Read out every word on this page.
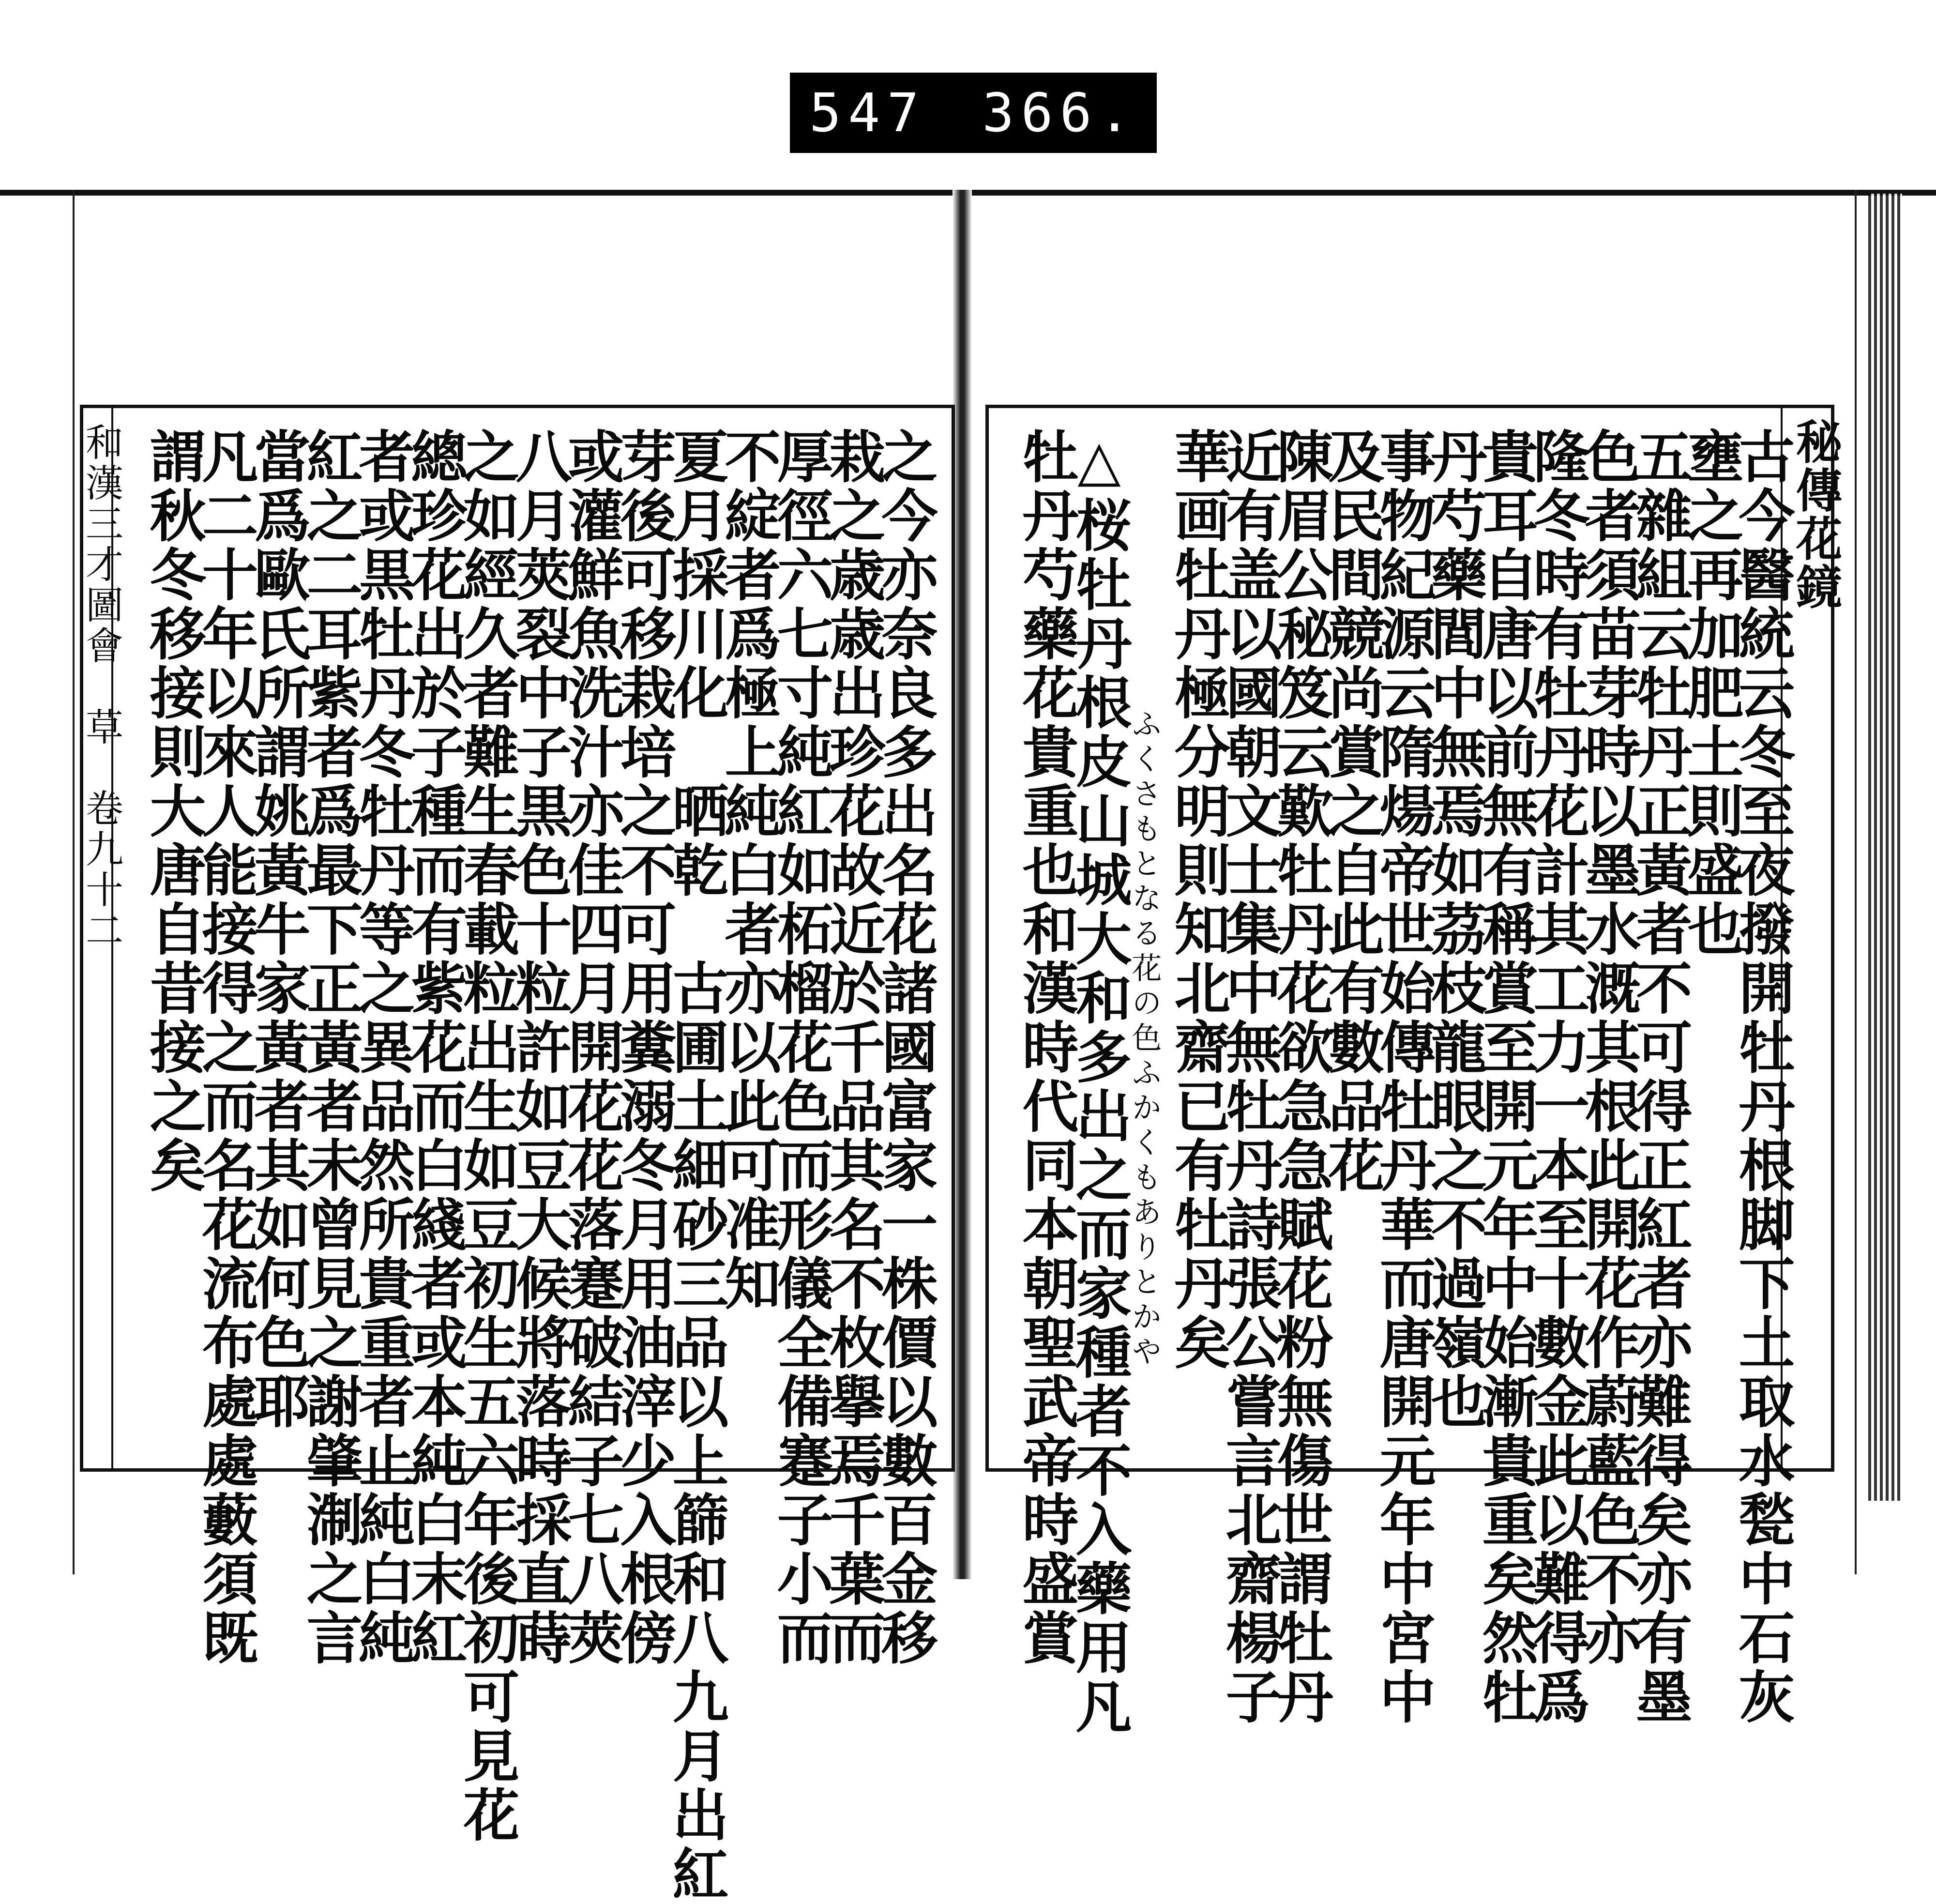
547 366.
和漢三才圖會　草　卷九十二	之今亦奈良多出名花諸國富家一株價以數百金移
栽之歳歳出珍花故近於千品其名不枚擧焉千葉而
厚徑六七寸純紅如柘榴花色而形儀全備蹇子小而
不綻者爲極上純白者亦以此可准知
夏月採川化　晒乾　古圃土細砂三品以上篩和八九月出紅
芽後可移栽培之不可用糞溺冬月用油滓少入根傍
或灌鮮魚洗汁亦佳四月開花花落蹇破結子七八莢
八月莢裂中子黒色十粒許如豆大候將落時採直蒔
之如經久者難生春載粒出生如豆初生五六年後初可見花
總珍花出於子種而有紫花而白綫者或本純白末紅
者或黒牡丹冬牡丹等之異品然所貴重者止純白純
紅之二耳紫者爲最下正黃者未曾見之謝肇淛之言
當爲歐氏所謂姚黃牛家黃者其如何色耶
凡二十年以來人能接得之而名花流布處處藪須既
謂秋冬移接則大唐自昔接之矣	秘傳花鏡
古今醫統云冬至夜撥開牡丹根脚下土取水甃中石灰
壅之再加肥土則盛也
五雜組云牡丹正黃者不可得正紅者亦難得矣亦有墨
色者須苗芽時以墨水溉其根此開花作蔚藍色不亦
隆冬時有牡丹花計其工力一本至十數金此以難得爲
貴耳自唐以前無有稱賞至開元年中始漸貴重矣然牡
丹芍藥閭中無焉如茘枝龍眼之不過嶺也
事物紀源云隋煬帝世始傳牡丹華而唐開元年中宮中
及民間競尚賞之自此有數品花
陳眉公秘笈云歎牡丹花欲急急賦花粉無傷世謂牡丹
近有盖以國朝文士集中無牡丹詩張公嘗言北齋楊子
華画牡丹極分明則知北齋已有牡丹矣
ふくさもとなる花の色ふかくもありとかや
△桜牡丹根皮山城大和多出之而家種者不入藥用凡
牡丹芍藥花貴重也和漢時代同本朝聖武帝時盛賞
